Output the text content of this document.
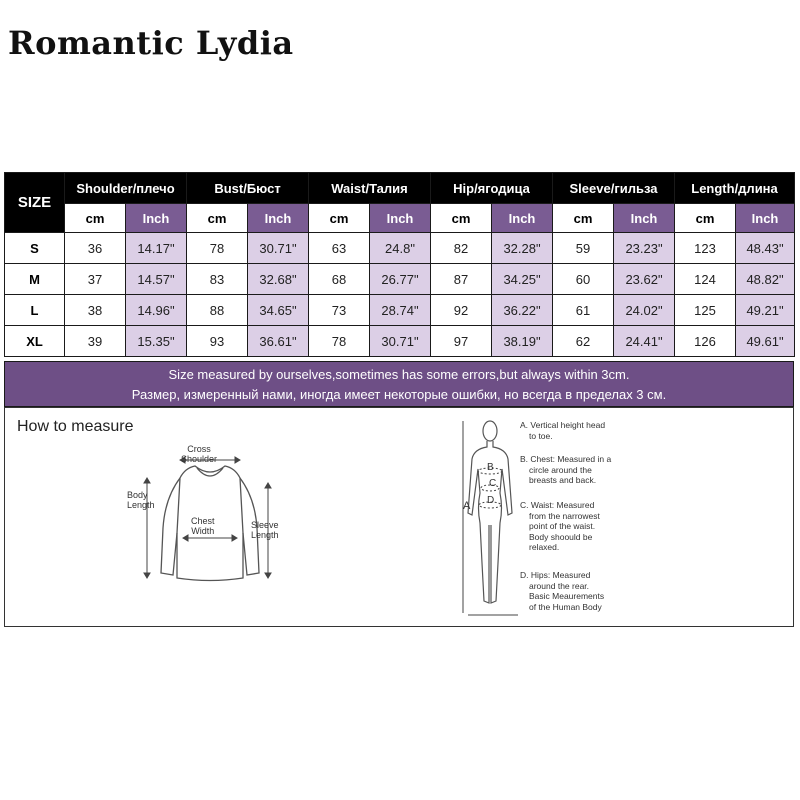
Romantic Lydia
SIZE	Shoulder/плечо		Bust/Бюст		Waist/Талия		Hip/ягодица		Sleeve/гильза		Length/длина	
	cm	Inch	cm	Inch	cm	Inch	cm	Inch	cm	Inch	cm	Inch
S	36	14.17"	78	30.71"	63	24.8"	82	32.28"	59	23.23"	123	48.43"
M	37	14.57"	83	32.68"	68	26.77"	87	34.25"	60	23.62"	124	48.82"
L	38	14.96"	88	34.65"	73	28.74"	92	36.22"	61	24.02"	125	49.21"
XL	39	15.35"	93	36.61"	78	30.71"	97	38.19"	62	24.41"	126	49.61"
Size measured by ourselves,sometimes has some errors,but always within 3cm.
Размер, измеренный нами, иногда имеет некоторые ошибки, но всегда в пределах 3 см.
How to measure
Cross
Shoulder
Body
Length
Chest
Width
Sleeve
Length
A
B
C
D
A. Vertical height head
to toe.
B. Chest: Measured in a
circle around the
breasts and back.
C. Waist: Measured
from the narrowest
point of the waist.
Body shoould be
relaxed.
D. Hips: Measured
around the rear.
Basic Meaurements
of the Human Body
